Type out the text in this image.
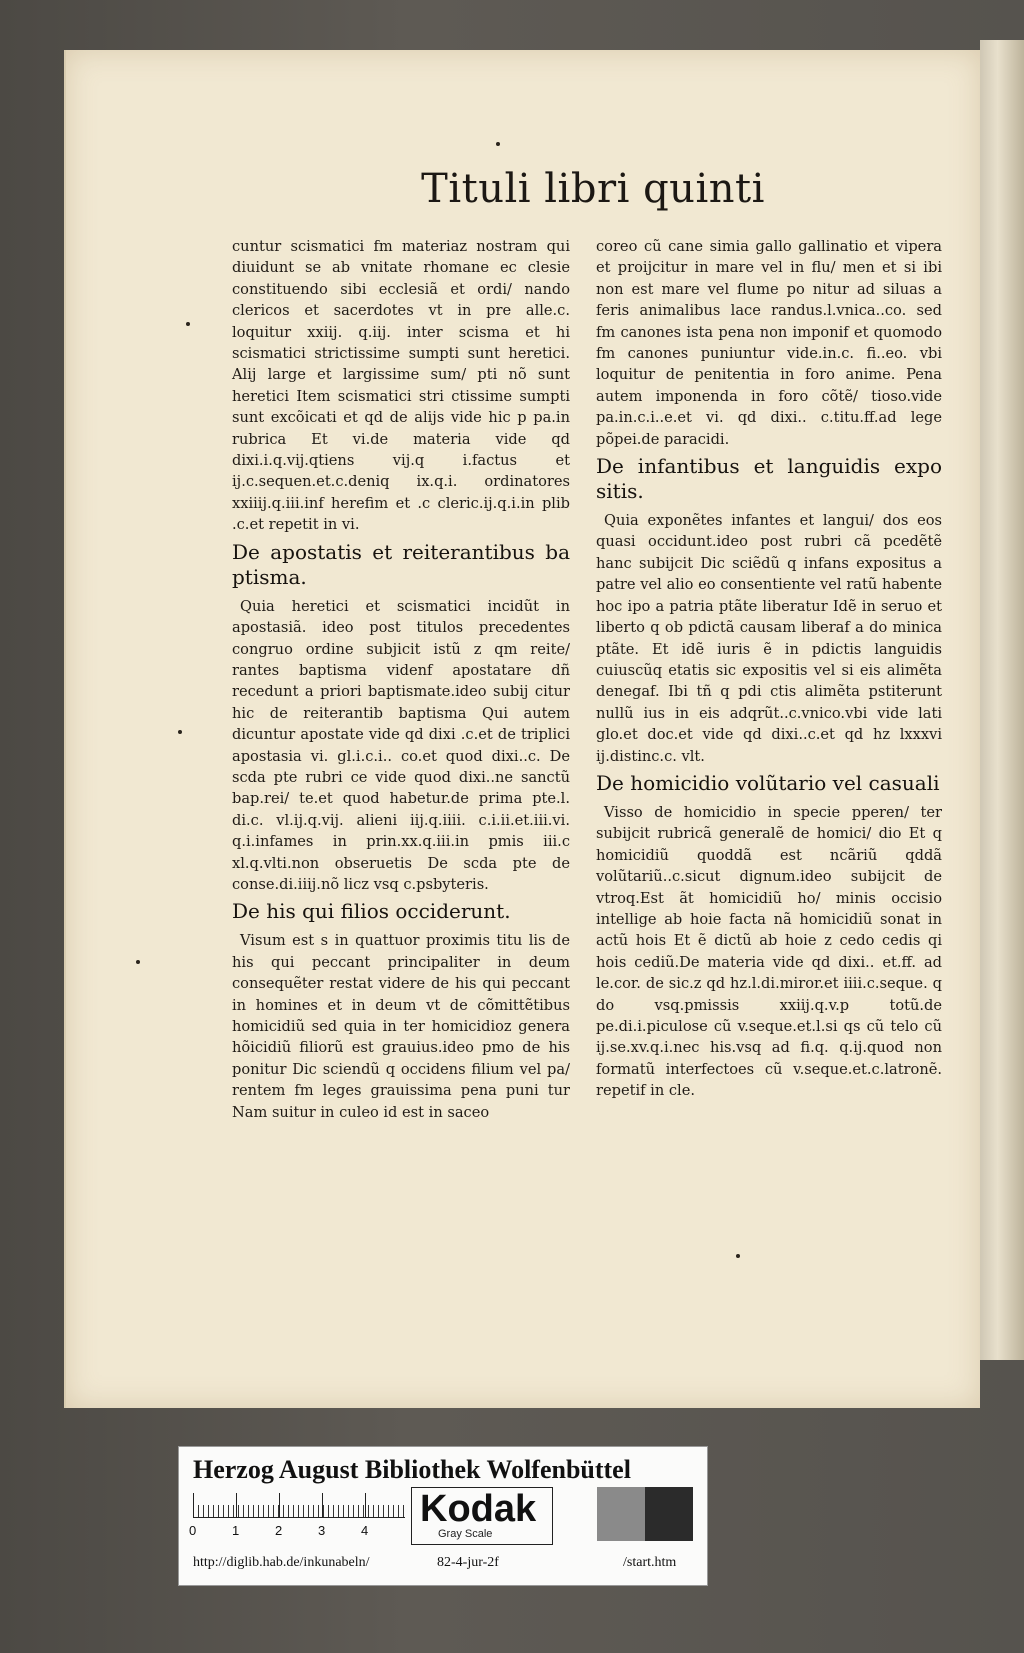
Tituli libri quinti

cuntur scismatici fm materiaz nostram qui diuidunt se ab vnitate rhomane ec clesie constituendo sibi ecclesiã et ordi/ nando clericos et sacerdotes vt in pre alle.c. loquitur xxiij. q.iij. inter scisma et hi scismatici strictissime sumpti sunt heretici. Alij large et largissime sum/ pti nõ sunt heretici Item scismatici stri ctissime sumpti sunt excõicati et qd de alijs vide hic p pa.in rubrica Et vi.de materia vide qd dixi.i.q.vij.qtiens vij.q i.factus et ij.c.sequen.et.c.deniq ix.q.i. ordinatores xxiiij.q.iii.inf herefim et .c cleric.ij.q.i.in plib .c.et repetit in vi.

De apostatis et reiterantibus ba ptisma.

Quia heretici et scismatici incidũt in apostasiã. ideo post titulos precedentes congruo ordine subjicit istũ z qm reite/ rantes baptisma videnf apostatare dñ recedunt a priori baptismate.ideo subij citur hic de reiterantib baptisma Qui autem dicuntur apostate vide qd dixi .c.et de triplici apostasia vi. gl.i.c.i.. co.et quod dixi..c. De scda pte rubri ce vide quod dixi..ne sanctũ bap.rei/ te.et quod habetur.de prima pte.l. di.c. vl.ij.q.vij. alieni iij.q.iiii. c.i.ii.et.iii.vi. q.i.infames in prin.xx.q.iii.in pmis iii.c xl.q.vlti.non obseruetis De scda pte de conse.di.iiij.nõ licz vsq c.psbyteris.

De his qui filios occiderunt.

Visum est s in quattuor proximis titu lis de his qui peccant principaliter in deum consequẽter restat videre de his qui peccant in homines et in deum vt de cõmittẽtibus homicidiũ sed quia in ter homicidioz genera hõicidiũ filiorũ est grauius.ideo pmo de his ponitur Dic sciendũ q occidens filium vel pa/ rentem fm leges grauissima pena puni tur Nam suitur in culeo id est in saceo

coreo cũ cane simia gallo gallinatio et vipera et proijcitur in mare vel in flu/ men et si ibi non est mare vel flume po nitur ad siluas a feris animalibus lace randus.l.vnica..co. sed fm canones ista pena non imponif et quomodo fm canones puniuntur vide.in.c. fi..eo. vbi loquitur de penitentia in foro anime. Pena autem imponenda in foro cõtẽ/ tioso.vide pa.in.c.i..e.et vi. qd dixi.. c.titu.ff.ad lege põpei.de paracidi.

De infantibus et languidis expo sitis.

Quia exponẽtes infantes et langui/ dos eos quasi occidunt.ideo post rubri cã pcedẽtẽ hanc subijcit Dic sciẽdũ q infans expositus a patre vel alio eo consentiente vel ratũ habente hoc ipo a patria ptãte liberatur Idẽ in seruo et liberto q ob pdictã causam liberaf a do minica ptãte. Et idẽ iuris ẽ in pdictis languidis cuiuscũq etatis sic expositis vel si eis alimẽta denegaf. Ibi tñ q pdi ctis alimẽta pstiterunt nullũ ius in eis adqrũt..c.vnico.vbi vide lati glo.et doc.et vide qd dixi..c.et qd hz lxxxvi ij.distinc.c. vlt.

De homicidio volũtario vel casuali

Visso de homicidio in specie pperen/ ter subijcit rubricã generalẽ de homici/ dio Et q homicidiũ quoddã est ncãriũ qddã volũtariũ..c.sicut dignum.ideo subijcit de vtroq.Est ãt homicidiũ ho/ minis occisio intellige ab hoie facta nã homicidiũ sonat in actũ hois Et ẽ dictũ ab hoie z cedo cedis qi hois cediũ.De materia vide qd dixi.. et.ff. ad le.cor. de sic.z qd hz.l.di.miror.et iiii.c.seque. q do vsq.pmissis xxiij.q.v.p totũ.de pe.di.i.piculose cũ v.seque.et.l.si qs cũ telo cũ ij.se.xv.q.i.nec his.vsq ad fi.q. q.ij.quod non formatũ interfectoes cũ v.seque.et.c.latronẽ. repetif in cle.

Herzog August Bibliothek Wolfenbüttel
0	1	2	3	4
Kodak
Gray Scale
http://diglib.hab.de/inkunabeln/	82-4-jur-2f	/start.htm
